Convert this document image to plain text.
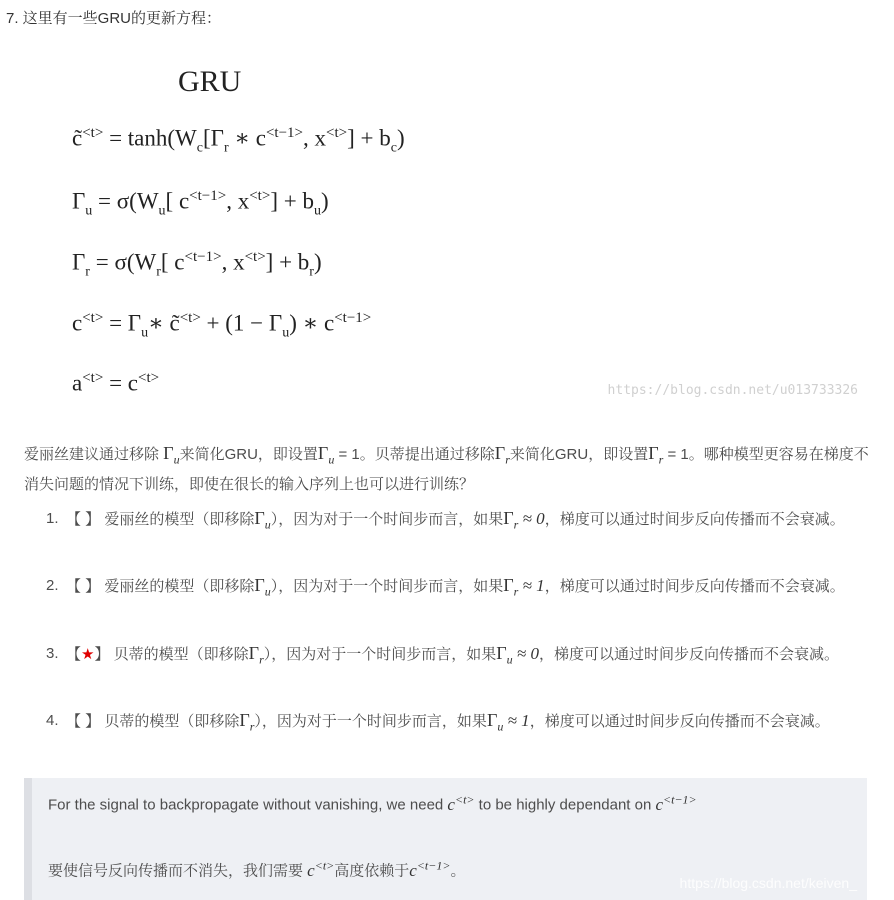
7. 这里有一些GRU的更新方程：
GRU
c̃$^{<t>}$ = $\tanh(W_c[\Gamma_r$ ∗ $c^{<t-1>}$, $x^{<t>}] + b_c$)
$\Gamma_u = \sigma(W_u$[ $c^{<t-1>}$, $x^{<t>}] + b_u$)
$\Gamma_r = \sigma(W_r$[ $c^{<t-1>}$, $x^{<t>}] + b_r$)
$c^{<t>}$ = $\Gamma_u∗$ c̃$^{<t>}$ + $(1 - \Gamma_u)$ ∗ $c^{<t-1>}$
$a^{<t>} = c^{<t>}$
https://blog.csdn.net/u013733326
爱丽丝建议通过移除 $\Gamma_u$来简化GRU，即设置$\Gamma_u = 1$。贝蒂提出通过移除$\Gamma_r$来简化GRU，即设置$\Gamma_r = 1$。哪种模型更容易在梯度不消失问题的情况下训练，即使在很长的输入序列上也可以进行训练？
1. 【 】 爱丽丝的模型（即移除$\Gamma_u$），因为对于一个时间步而言，如果$\Gamma_r \approx 0$，梯度可以通过时间步反向传播而不会衰减。
2. 【 】 爱丽丝的模型（即移除$\Gamma_u$），因为对于一个时间步而言，如果$\Gamma_r \approx 1$，梯度可以通过时间步反向传播而不会衰减。
3. 【★】 贝蒂的模型（即移除$\Gamma_r$），因为对于一个时间步而言，如果$\Gamma_u \approx 0$，梯度可以通过时间步反向传播而不会衰减。
4. 【 】 贝蒂的模型（即移除$\Gamma_r$），因为对于一个时间步而言，如果$\Gamma_u \approx 1$，梯度可以通过时间步反向传播而不会衰减。
For the signal to backpropagate without vanishing, we need $c^{<t>}$ to be highly dependant on $c^{<t-1>}$
要使信号反向传播而不消失，我们需要 $c^{<t>}$高度依赖于$c^{<t-1>}$。
https://blog.csdn.net/keiven_
